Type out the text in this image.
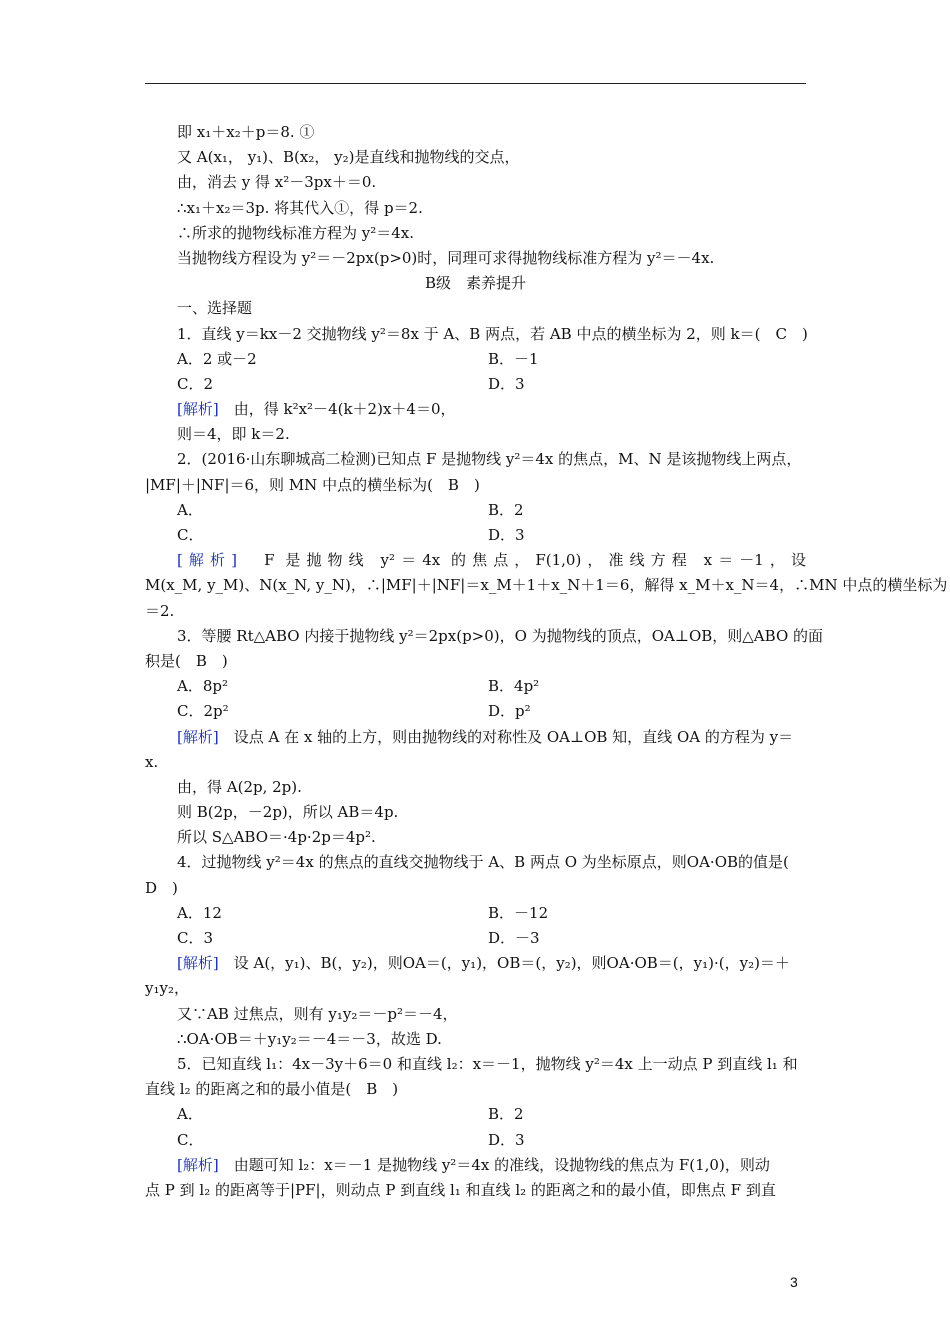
即 x₁＋x₂＋p＝8. ①
又 A(x₁， y₁)、B(x₂， y₂)是直线和抛物线的交点，
由，消去 y 得 x²－3px＋＝0.
∴x₁＋x₂＝3p. 将其代入①，得 p＝2.
∴所求的抛物线标准方程为 y²＝4x.
当抛物线方程设为 y²＝－2px(p>0)时，同理可求得抛物线标准方程为 y²＝－4x.
B级　素养提升
一、选择题
1．直线 y＝kx－2 交抛物线 y²＝8x 于 A、B 两点，若 AB 中点的横坐标为 2，则 k＝(　C　)
A．2 或－2	B．－1
C．2	D．3
[解析]　由，得 k²x²－4(k＋2)x＋4＝0，
则＝4，即 k＝2.
2．(2016·山东聊城高二检测)已知点 F 是抛物线 y²＝4x 的焦点，M、N 是该抛物线上两点，
|MF|＋|NF|＝6，则 MN 中点的横坐标为(　B　)
A．	B．2
C．	D．3
[解析]　F 是抛物线 y²＝4x 的焦点，F(1,0)，准线方程 x＝－1，设
M(x_M, y_M)、N(x_N, y_N)，∴|MF|＋|NF|＝x_M＋1＋x_N＋1＝6，解得 x_M＋x_N＝4，∴MN 中点的横坐标为
＝2.
3．等腰 Rt△ABO 内接于抛物线 y²＝2px(p>0)，O 为抛物线的顶点，OA⊥OB，则△ABO 的面
积是(　B　)
A．8p²	B．4p²
C．2p²	D．p²
[解析]　设点 A 在 x 轴的上方，则由抛物线的对称性及 OA⊥OB 知，直线 OA 的方程为 y＝
x.
由，得 A(2p, 2p).
则 B(2p，－2p)，所以 AB＝4p.
所以 S△ABO＝·4p·2p＝4p².
4．过抛物线 y²＝4x 的焦点的直线交抛物线于 A、B 两点 O 为坐标原点，则OA·OB的值是(
D　)
A．12	B．－12
C．3	D．－3
[解析]　设 A(，y₁)、B(，y₂)，则OA＝(，y₁)，OB＝(，y₂)，则OA·OB＝(，y₁)·(，y₂)＝＋
y₁y₂，
又∵AB 过焦点，则有 y₁y₂＝－p²＝－4，
∴OA·OB＝＋y₁y₂＝－4＝－3，故选 D.
5．已知直线 l₁：4x－3y＋6＝0 和直线 l₂：x＝－1，抛物线 y²＝4x 上一动点 P 到直线 l₁ 和
直线 l₂ 的距离之和的最小值是(　B　)
A．	B．2
C．	D．3
[解析]　由题可知 l₂：x＝－1 是抛物线 y²＝4x 的准线，设抛物线的焦点为 F(1,0)，则动
点 P 到 l₂ 的距离等于|PF|，则动点 P 到直线 l₁ 和直线 l₂ 的距离之和的最小值，即焦点 F 到直
3
